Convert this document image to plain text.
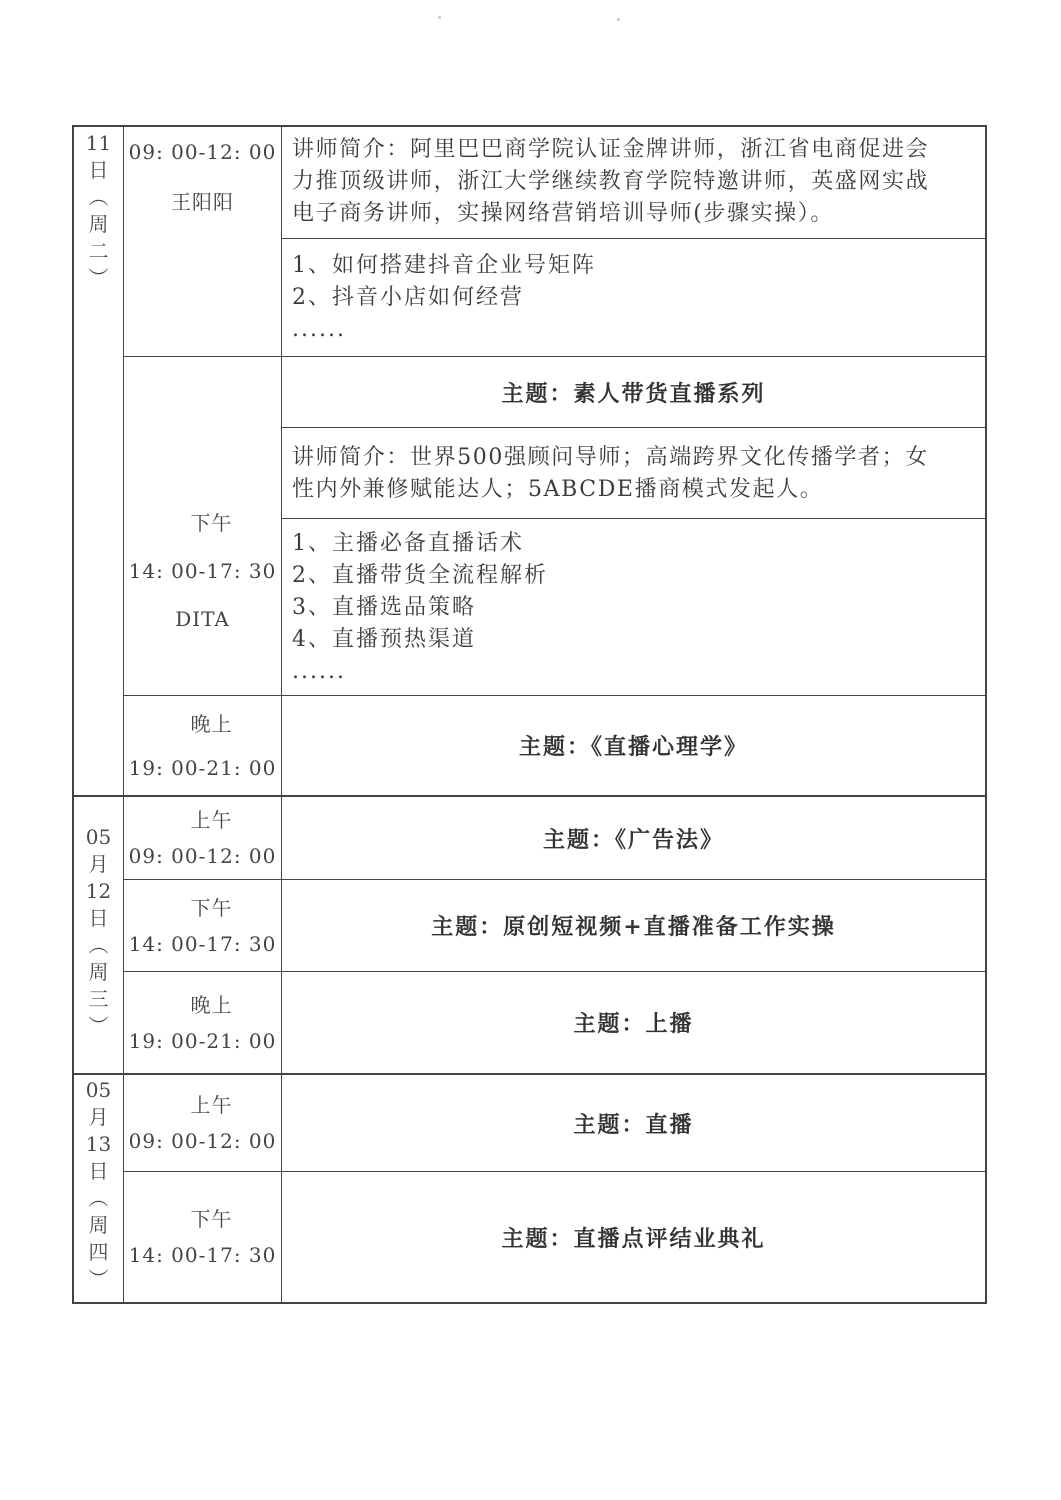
11
日
︵
周
二
︶
09: 00-12: 00
王阳阳

讲师简介：阿里巴巴商学院认证金牌讲师，浙江省电商促进会

力推顶级讲师，浙江大学继续教育学院特邀讲师，英盛网实战

电子商务讲师，实操网络营销培训导师(步骤实操）。

1、如何搭建抖音企业号矩阵

2、抖音小店如何经营

......

下午
14: 00-17: 30
DITA
主题：素人带货直播系列

讲师简介：世界500强顾问导师；高端跨界文化传播学者；女

性内外兼修赋能达人；5ABCDE播商模式发起人。

1、主播必备直播话术

2、直播带货全流程解析

3、直播选品策略

4、直播预热渠道

......

晚上
19: 00-21: 00
主题：《直播心理学》
05
月
12
日
︵
周
三
︶
上午
09: 00-12: 00
主题：《广告法》
下午
14: 00-17: 30
主题：原创短视频+直播准备工作实操
晚上
19: 00-21: 00
主题：上播
05
月
13
日
︵
周
四
︶
上午
09: 00-12: 00
主题：直播
下午
14: 00-17: 30
主题：直播点评结业典礼
